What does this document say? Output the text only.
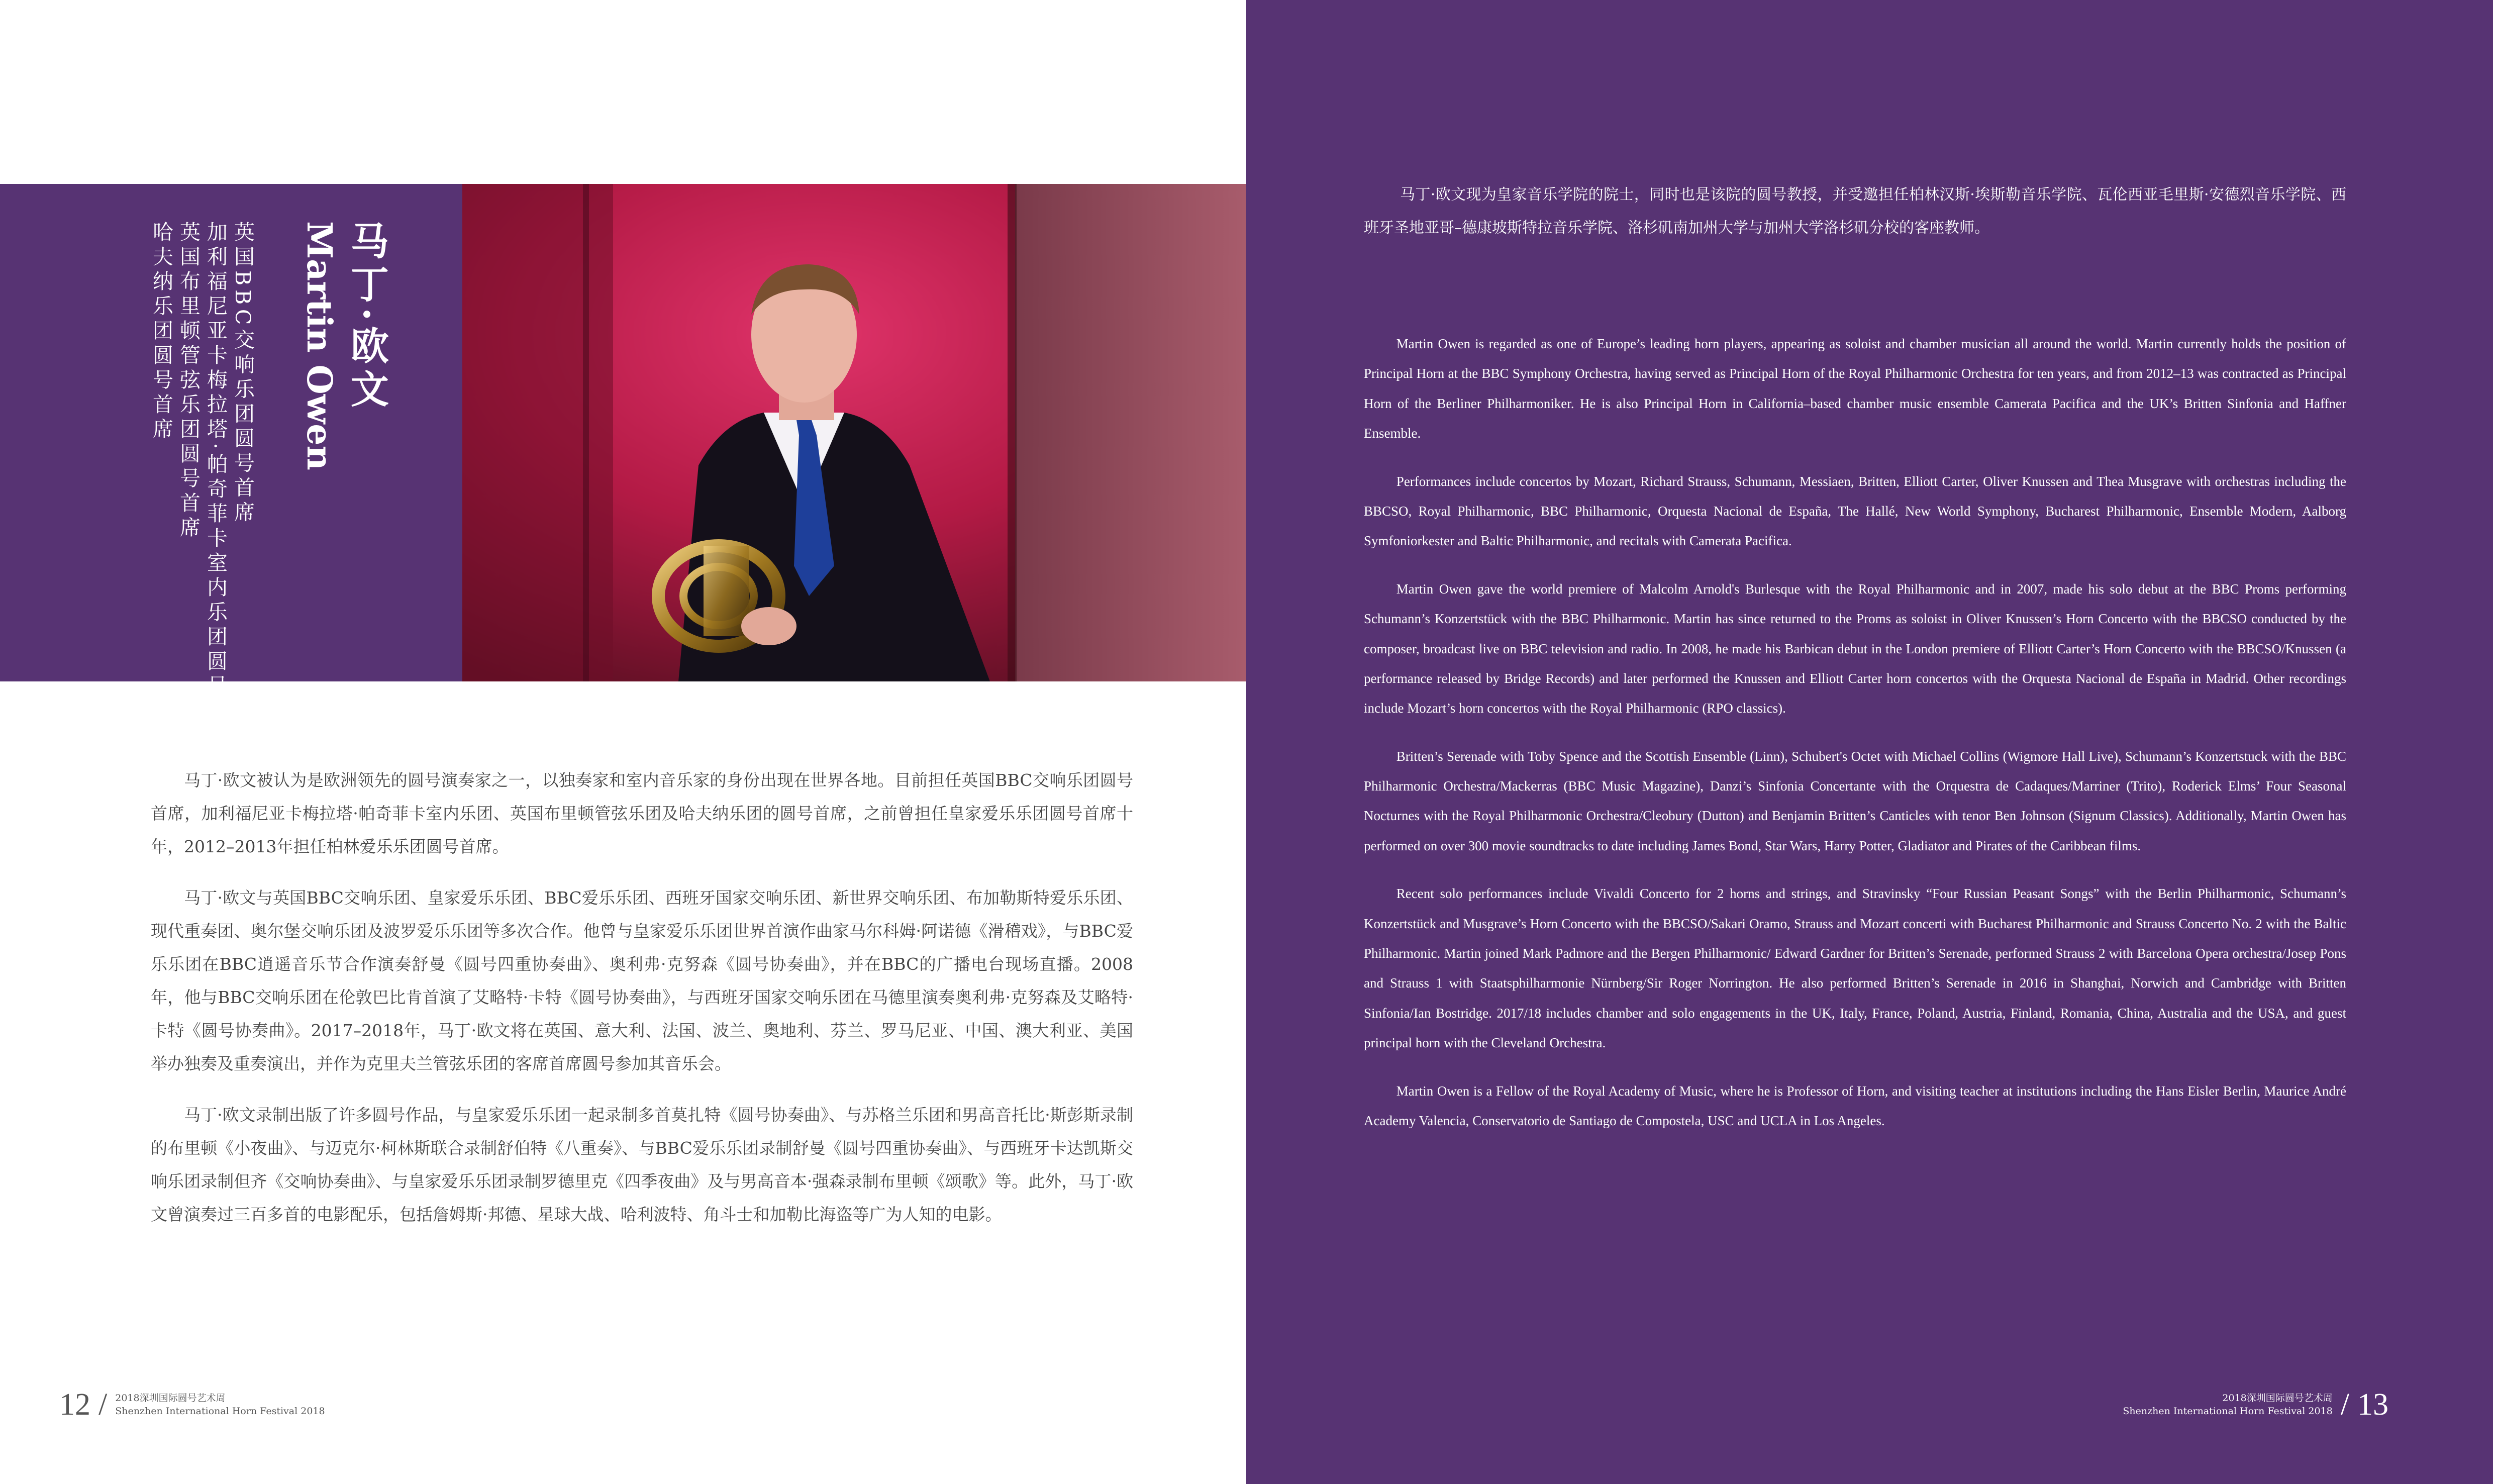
马丁·欧文
Martin Owen
英国BBC交响乐团圆号首席
加利福尼亚卡梅拉塔·帕奇菲卡室内乐团圆号首席
英国布里顿管弦乐团圆号首席
哈夫纳乐团圆号首席

马丁·欧文被认为是欧洲领先的圆号演奏家之一，以独奏家和室内音乐家的身份出现在世界各地。目前担任英国BBC交响乐团圆号首席，加利福尼亚卡梅拉塔·帕奇菲卡室内乐团、英国布里顿管弦乐团及哈夫纳乐团的圆号首席，之前曾担任皇家爱乐乐团圆号首席十年，2012–2013年担任柏林爱乐乐团圆号首席。

马丁·欧文与英国BBC交响乐团、皇家爱乐乐团、BBC爱乐乐团、西班牙国家交响乐团、新世界交响乐团、布加勒斯特爱乐乐团、现代重奏团、奥尔堡交响乐团及波罗爱乐乐团等多次合作。他曾与皇家爱乐乐团世界首演作曲家马尔科姆·阿诺德《滑稽戏》，与BBC爱乐乐团在BBC逍遥音乐节合作演奏舒曼《圆号四重协奏曲》、奥利弗·克努森《圆号协奏曲》，并在BBC的广播电台现场直播。2008年，他与BBC交响乐团在伦敦巴比肯首演了艾略特·卡特《圆号协奏曲》，与西班牙国家交响乐团在马德里演奏奥利弗·克努森及艾略特·卡特《圆号协奏曲》。2017–2018年，马丁·欧文将在英国、意大利、法国、波兰、奥地利、芬兰、罗马尼亚、中国、澳大利亚、美国举办独奏及重奏演出，并作为克里夫兰管弦乐团的客席首席圆号参加其音乐会。

马丁·欧文录制出版了许多圆号作品，与皇家爱乐乐团一起录制多首莫扎特《圆号协奏曲》、与苏格兰乐团和男高音托比·斯彭斯录制的布里顿《小夜曲》、与迈克尔·柯林斯联合录制舒伯特《八重奏》、与BBC爱乐乐团录制舒曼《圆号四重协奏曲》、与西班牙卡达凯斯交响乐团录制但齐《交响协奏曲》、与皇家爱乐乐团录制罗德里克《四季夜曲》及与男高音本·强森录制布里顿《颂歌》等。此外，马丁·欧文曾演奏过三百多首的电影配乐，包括詹姆斯·邦德、星球大战、哈利波特、角斗士和加勒比海盗等广为人知的电影。

12 / 2018深圳国际圆号艺术周
Shenzhen International Horn Festival 2018

马丁·欧文现为皇家音乐学院的院士，同时也是该院的圆号教授，并受邀担任柏林汉斯·埃斯勒音乐学院、瓦伦西亚毛里斯·安德烈音乐学院、西班牙圣地亚哥–德康坡斯特拉音乐学院、洛杉矶南加州大学与加州大学洛杉矶分校的客座教师。

Martin Owen is regarded as one of Europe’s leading horn players, appearing as soloist and chamber musician all around the world. Martin currently holds the position of Principal Horn at the BBC Symphony Orchestra, having served as Principal Horn of the Royal Philharmonic Orchestra for ten years, and from 2012–13 was contracted as Principal Horn of the Berliner Philharmoniker. He is also Principal Horn in California–based chamber music ensemble Camerata Pacifica and the UK’s Britten Sinfonia and Haffner Ensemble.

Performances include concertos by Mozart, Richard Strauss, Schumann, Messiaen, Britten, Elliott Carter, Oliver Knussen and Thea Musgrave with orchestras including the BBCSO, Royal Philharmonic, BBC Philharmonic, Orquesta Nacional de España, The Hallé, New World Symphony, Bucharest Philharmonic, Ensemble Modern, Aalborg Symfoniorkester and Baltic Philharmonic, and recitals with Camerata Pacifica.

Martin Owen gave the world premiere of Malcolm Arnold's Burlesque with the Royal Philharmonic and in 2007, made his solo debut at the BBC Proms performing Schumann’s Konzertstück with the BBC Philharmonic. Martin has since returned to the Proms as soloist in Oliver Knussen’s Horn Concerto with the BBCSO conducted by the composer, broadcast live on BBC television and radio. In 2008, he made his Barbican debut in the London premiere of Elliott Carter’s Horn Concerto with the BBCSO/Knussen (a performance released by Bridge Records) and later performed the Knussen and Elliott Carter horn concertos with the Orquesta Nacional de España in Madrid. Other recordings include Mozart’s horn concertos with the Royal Philharmonic (RPO classics).

Britten’s Serenade with Toby Spence and the Scottish Ensemble (Linn), Schubert's Octet with Michael Collins (Wigmore Hall Live), Schumann’s Konzertstuck with the BBC Philharmonic Orchestra/Mackerras (BBC Music Magazine), Danzi’s Sinfonia Concertante with the Orquestra de Cadaques/Marriner (Trito), Roderick Elms’ Four Seasonal Nocturnes with the Royal Philharmonic Orchestra/Cleobury (Dutton) and Benjamin Britten’s Canticles with tenor Ben Johnson (Signum Classics). Additionally, Martin Owen has performed on over 300 movie soundtracks to date including James Bond, Star Wars, Harry Potter, Gladiator and Pirates of the Caribbean films.

Recent solo performances include Vivaldi Concerto for 2 horns and strings, and Stravinsky “Four Russian Peasant Songs” with the Berlin Philharmonic, Schumann’s Konzertstück and Musgrave’s Horn Concerto with the BBCSO/Sakari Oramo, Strauss and Mozart concerti with Bucharest Philharmonic and Strauss Concerto No. 2 with the Baltic Philharmonic. Martin joined Mark Padmore and the Bergen Philharmonic/ Edward Gardner for Britten’s Serenade, performed Strauss 2 with Barcelona Opera orchestra/Josep Pons and Strauss 1 with Staatsphilharmonie Nürnberg/Sir Roger Norrington. He also performed Britten’s Serenade in 2016 in Shanghai, Norwich and Cambridge with Britten Sinfonia/Ian Bostridge. 2017/18 includes chamber and solo engagements in the UK, Italy, France, Poland, Austria, Finland, Romania, China, Australia and the USA, and guest principal horn with the Cleveland Orchestra.

Martin Owen is a Fellow of the Royal Academy of Music, where he is Professor of Horn, and visiting teacher at institutions including the Hans Eisler Berlin, Maurice André Academy Valencia, Conservatorio de Santiago de Compostela, USC and UCLA in Los Angeles.

2018深圳国际圆号艺术周
Shenzhen International Horn Festival 2018 / 13
